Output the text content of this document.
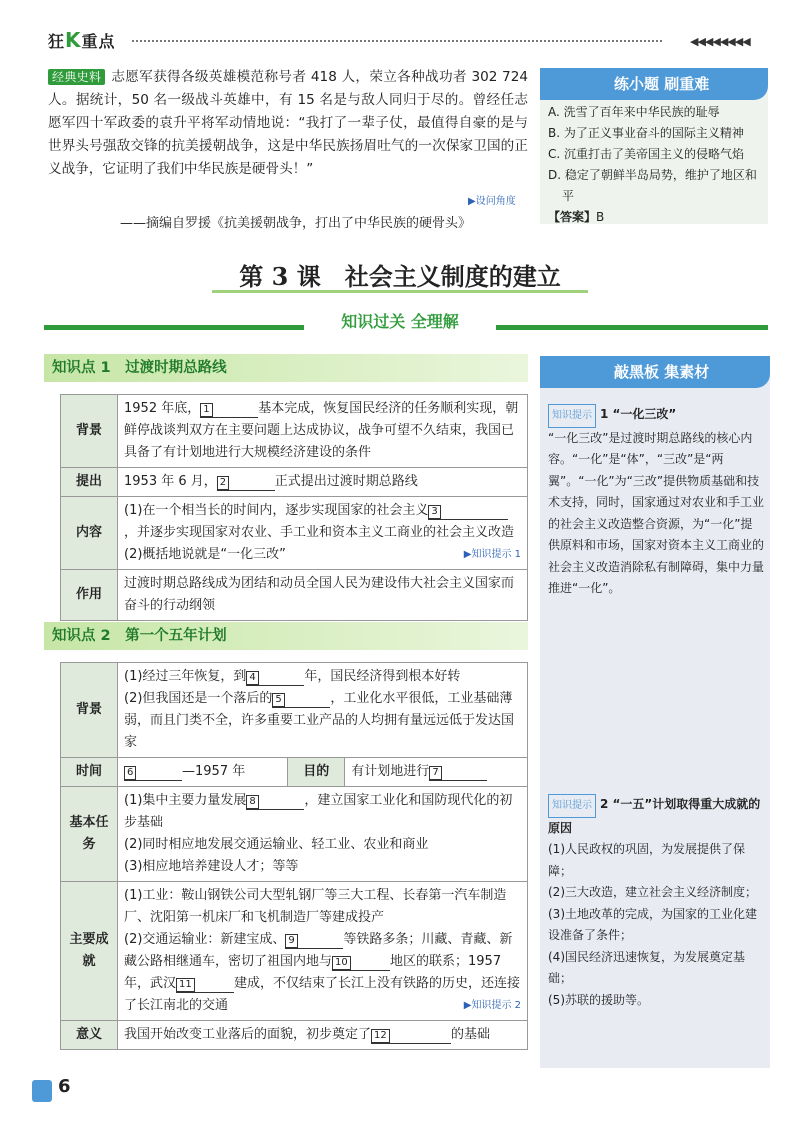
狂K重点	◀◀◀◀◀◀◀◀
经典史料 志愿军获得各级英雄模范称号者 418 人，荣立各种战功者 302 724 人。据统计，50 名一级战斗英雄中，有 15 名是与敌人同归于尽的。曾经任志愿军四十军政委的袁升平将军动情地说：“我打了一辈子仗，最值得自豪的是与世界头号强敌交锋的抗美援朝战争，这是中华民族扬眉吐气的一次保家卫国的正义战争，它证明了我们中华民族是硬骨头！”
▶设问角度
——摘编自罗援《抗美援朝战争，打出了中华民族的硬骨头》
练小题 刷重难
A. 洗雪了百年来中华民族的耻辱
B. 为了正义事业奋斗的国际主义精神
C. 沉重打击了美帝国主义的侵略气焰
D. 稳定了朝鲜半岛局势，维护了地区和平
【答案】B
第 3 课　社会主义制度的建立
知识过关 全理解
知识点 1　过渡时期总路线
背景	1952 年底， 1 基本完成，恢复国民经济的任务顺利实现，朝鲜停战谈判双方在主要问题上达成协议，战争可望不久结束，我国已具备了有计划地进行大规模经济建设的条件
提出	1953 年 6 月， 2 正式提出过渡时期总路线
内容	(1)在一个相当长的时间内，逐步实现国家的社会主义 3，并逐步实现国家对农业、手工业和资本主义工商业的社会主义改造
(2)概括地说就是“一化三改” ▶知识提示 1

作用	过渡时期总路线成为团结和动员全国人民为建设伟大社会主义国家而奋斗的行动纲领
知识点 2　第一个五年计划
背景	(1)经过三年恢复，到 4 年，国民经济得到根本好转
(2)但我国还是一个落后的 5 ，工业化水平很低，工业基础薄弱，而且门类不全，许多重要工业产品的人均拥有量远远低于发达国家		
时间	6 —1957 年	目的	有计划地进行 7
基本任务	(1)集中主要力量发展 8 ，建立国家工业化和国防现代化的初步基础
(2)同时相应地发展交通运输业、轻工业、农业和商业
(3)相应地培养建设人才；等等		
主要成就	(1)工业：鞍山钢铁公司大型轧钢厂等三大工程、长春第一汽车制造厂、沈阳第一机床厂和飞机制造厂等建成投产
(2)交通运输业：新建宝成、 9 等铁路多条；川藏、青藏、新藏公路相继通车，密切了祖国内地与 10 地区的联系；1957 年，武汉 11 建成，不仅结束了长江上没有铁路的历史，还连接了长江南北的交通 ▶知识提示 2		

意义	我国开始改变工业落后的面貌，初步奠定了 12 的基础		
敲黑板 集素材
知识提示 1 “一化三改”
“一化三改”是过渡时期总路线的核心内容。“一化”是“体”，“三改”是“两翼”。“一化”为“三改”提供物质基础和技术支持，同时，国家通过对农业和手工业的社会主义改造整合资源，为“一化”提供原料和市场，国家对资本主义工商业的社会主义改造消除私有制障碍，集中力量推进“一化”。
知识提示 2 “一五”计划取得重大成就的原因
(1)人民政权的巩固，为发展提供了保障；
(2)三大改造，建立社会主义经济制度；
(3)土地改革的完成，为国家的工业化建设准备了条件；
(4)国民经济迅速恢复，为发展奠定基础；
(5)苏联的援助等。
6
